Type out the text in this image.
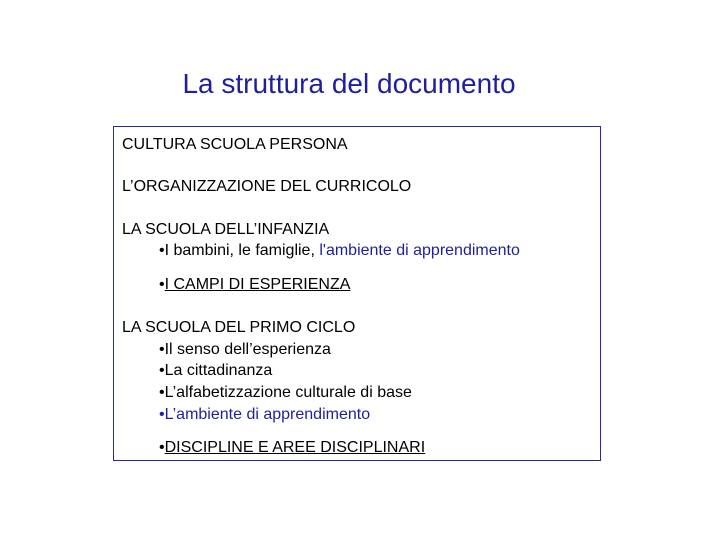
La struttura del documento
CULTURA SCUOLA PERSONA
L’ORGANIZZAZIONE DEL CURRICOLO
LA SCUOLA DELL’INFANZIA
•I bambini, le famiglie, l'ambiente di apprendimento
•I CAMPI DI ESPERIENZA
LA SCUOLA DEL PRIMO CICLO
•Il senso dell’esperienza
•La cittadinanza
•L’alfabetizzazione culturale di base
•L’ambiente di apprendimento
•DISCIPLINE E AREE DISCIPLINARI
